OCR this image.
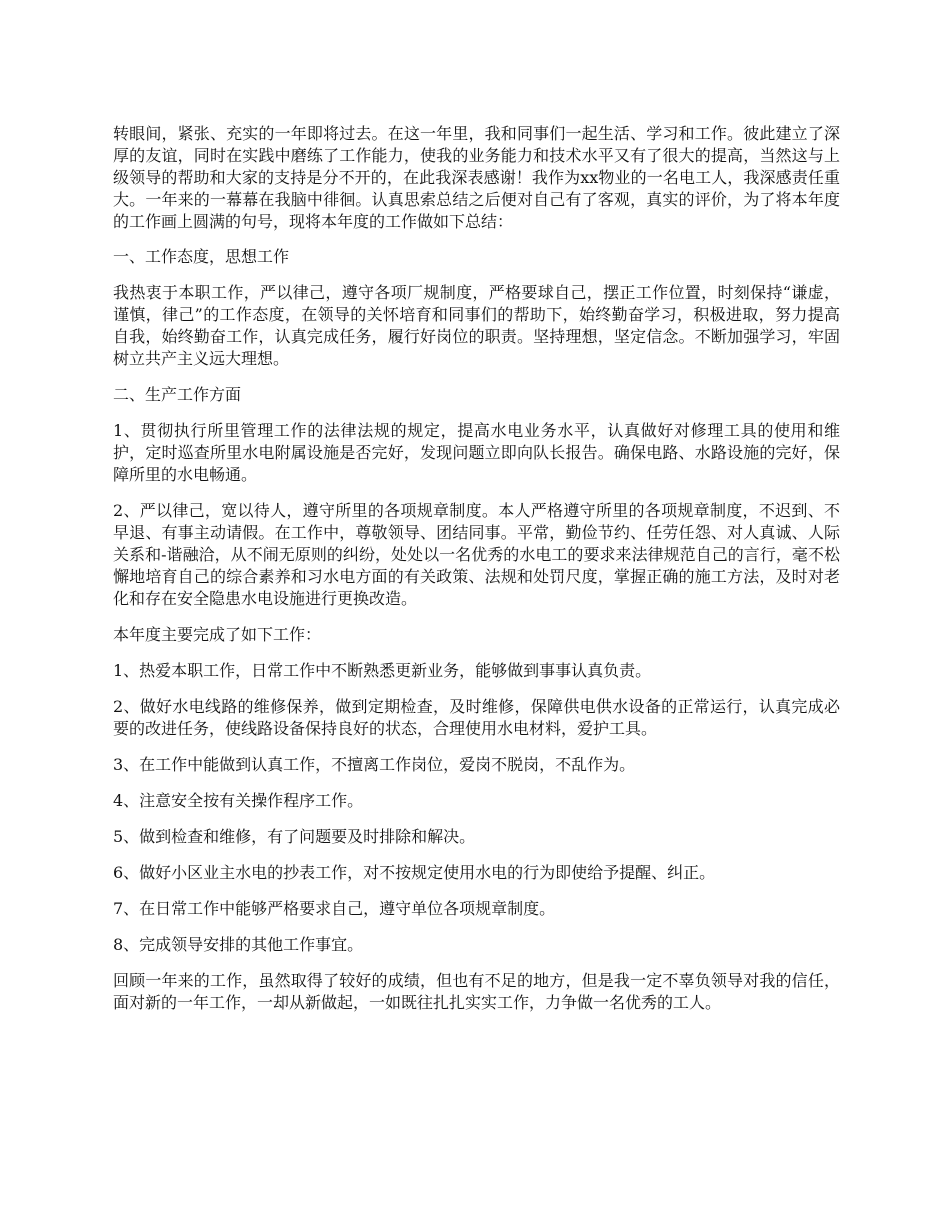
转眼间，紧张、充实的一年即将过去。在这一年里，我和同事们一起生活、学习和工作。彼此建立了深厚的友谊，同时在实践中磨练了工作能力，使我的业务能力和技术水平又有了很大的提高，当然这与上级领导的帮助和大家的支持是分不开的，在此我深表感谢！我作为xx物业的一名电工人，我深感责任重大。一年来的一幕幕在我脑中徘徊。认真思索总结之后便对自己有了客观，真实的评价，为了将本年度的工作画上圆满的句号，现将本年度的工作做如下总结：

一、工作态度，思想工作

我热衷于本职工作，严以律己，遵守各项厂规制度，严格要球自己，摆正工作位置，时刻保持“谦虚，谨慎，律己”的工作态度，在领导的关怀培育和同事们的帮助下，始终勤奋学习，积极进取，努力提高自我，始终勤奋工作，认真完成任务，履行好岗位的职责。坚持理想，坚定信念。不断加强学习，牢固树立共产主义远大理想。

二、生产工作方面

1、贯彻执行所里管理工作的法律法规的规定，提高水电业务水平，认真做好对修理工具的使用和维护，定时巡查所里水电附属设施是否完好，发现问题立即向队长报告。确保电路、水路设施的完好，保障所里的水电畅通。

2、严以律己，宽以待人，遵守所里的各项规章制度。本人严格遵守所里的各项规章制度，不迟到、不早退、有事主动请假。在工作中，尊敬领导、团结同事。平常，勤俭节约、任劳任怨、对人真诚、人际关系和-谐融洽，从不闹无原则的纠纷，处处以一名优秀的水电工的要求来法律规范自己的言行，毫不松懈地培育自己的综合素养和习水电方面的有关政策、法规和处罚尺度，掌握正确的施工方法，及时对老化和存在安全隐患水电设施进行更换改造。

本年度主要完成了如下工作：

1、热爱本职工作，日常工作中不断熟悉更新业务，能够做到事事认真负责。

2、做好水电线路的维修保养，做到定期检查，及时维修，保障供电供水设备的正常运行，认真完成必要的改进任务，使线路设备保持良好的状态，合理使用水电材料，爱护工具。

3、在工作中能做到认真工作，不擅离工作岗位，爱岗不脱岗，不乱作为。

4、注意安全按有关操作程序工作。

5、做到检查和维修，有了问题要及时排除和解决。

6、做好小区业主水电的抄表工作，对不按规定使用水电的行为即使给予提醒、纠正。

7、在日常工作中能够严格要求自己，遵守单位各项规章制度。

8、完成领导安排的其他工作事宜。

回顾一年来的工作，虽然取得了较好的成绩，但也有不足的地方，但是我一定不辜负领导对我的信任，面对新的一年工作，一却从新做起，一如既往扎扎实实工作，力争做一名优秀的工人。
